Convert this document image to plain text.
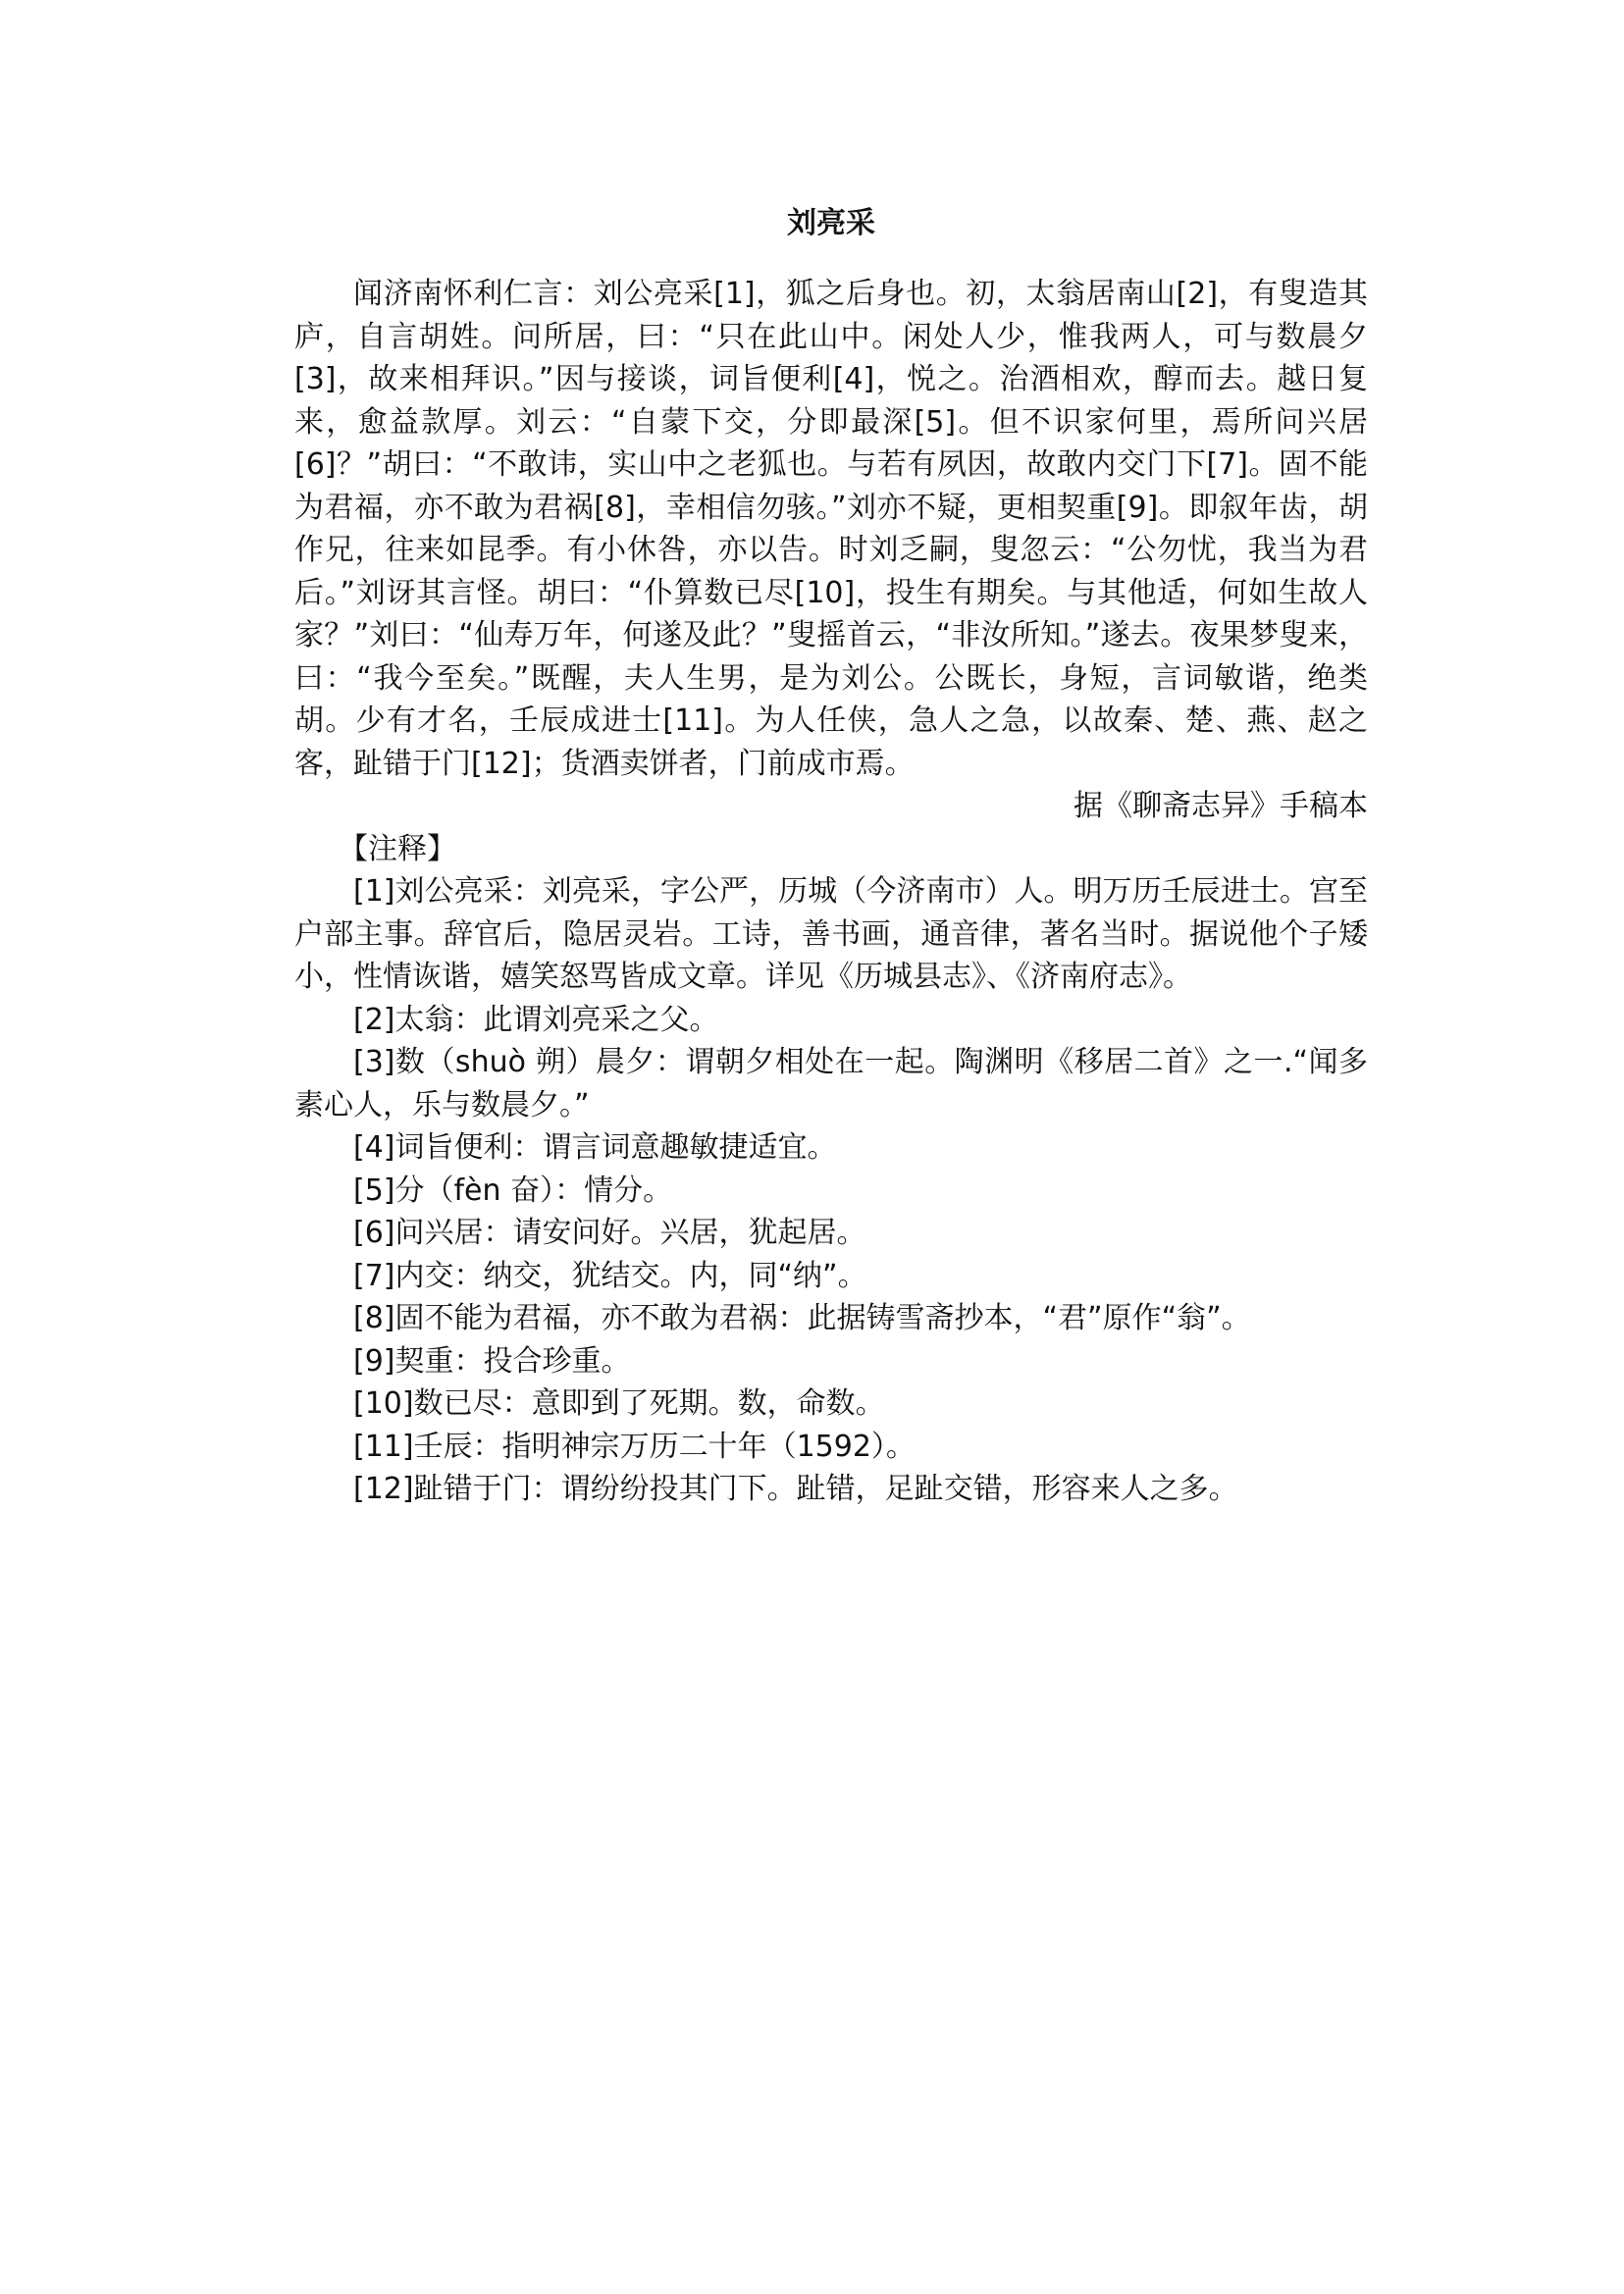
刘亮采

闻济南怀利仁言：刘公亮采[1]，狐之后身也。初，太翁居南山[2]，有叟造其庐，自言胡姓。问所居，曰：“只在此山中。闲处人少，惟我两人，可与数晨夕[3]，故来相拜识。”因与接谈，词旨便利[4]，悦之。治酒相欢，醇而去。越日复来，愈益款厚。刘云：“自蒙下交，分即最深[5]。但不识家何里，焉所问兴居[6]？”胡曰：“不敢讳，实山中之老狐也。与若有夙因，故敢内交门下[7]。固不能为君福，亦不敢为君祸[8]，幸相信勿骇。”刘亦不疑，更相契重[9]。即叙年齿，胡作兄，往来如昆季。有小休咎，亦以告。时刘乏嗣，叟忽云：“公勿忧，我当为君后。”刘讶其言怪。胡曰：“仆算数已尽[10]，投生有期矣。与其他适，何如生故人家？”刘曰：“仙寿万年，何遂及此？”叟摇首云，“非汝所知。”遂去。夜果梦叟来，曰：“我今至矣。”既醒，夫人生男，是为刘公。公既长，身短，言词敏谐，绝类胡。少有才名，壬辰成进士[11]。为人任侠，急人之急，以故秦、楚、燕、赵之客，趾错于门[12]；货酒卖饼者，门前成市焉。

据《聊斋志异》手稿本

【注释】

[1]刘公亮采：刘亮采，字公严，历城（今济南市）人。明万历壬辰进士。宫至户部主事。辞官后，隐居灵岩。工诗，善书画，通音律，著名当时。据说他个子矮小，性情诙谐，嬉笑怒骂皆成文章。详见《历城县志》、《济南府志》。

[2]太翁：此谓刘亮采之父。

[3]数（shuò 朔）晨夕：谓朝夕相处在一起。陶渊明《移居二首》之一.“闻多素心人，乐与数晨夕。”

[4]词旨便利：谓言词意趣敏捷适宜。

[5]分（fèn 奋）：情分。

[6]问兴居：请安问好。兴居，犹起居。

[7]内交：纳交，犹结交。内，同“纳”。

[8]固不能为君福，亦不敢为君祸：此据铸雪斋抄本，“君”原作“翁”。

[9]契重：投合珍重。

[10]数已尽：意即到了死期。数，命数。

[11]壬辰：指明神宗万历二十年（1592）。

[12]趾错于门：谓纷纷投其门下。趾错，足趾交错，形容来人之多。
